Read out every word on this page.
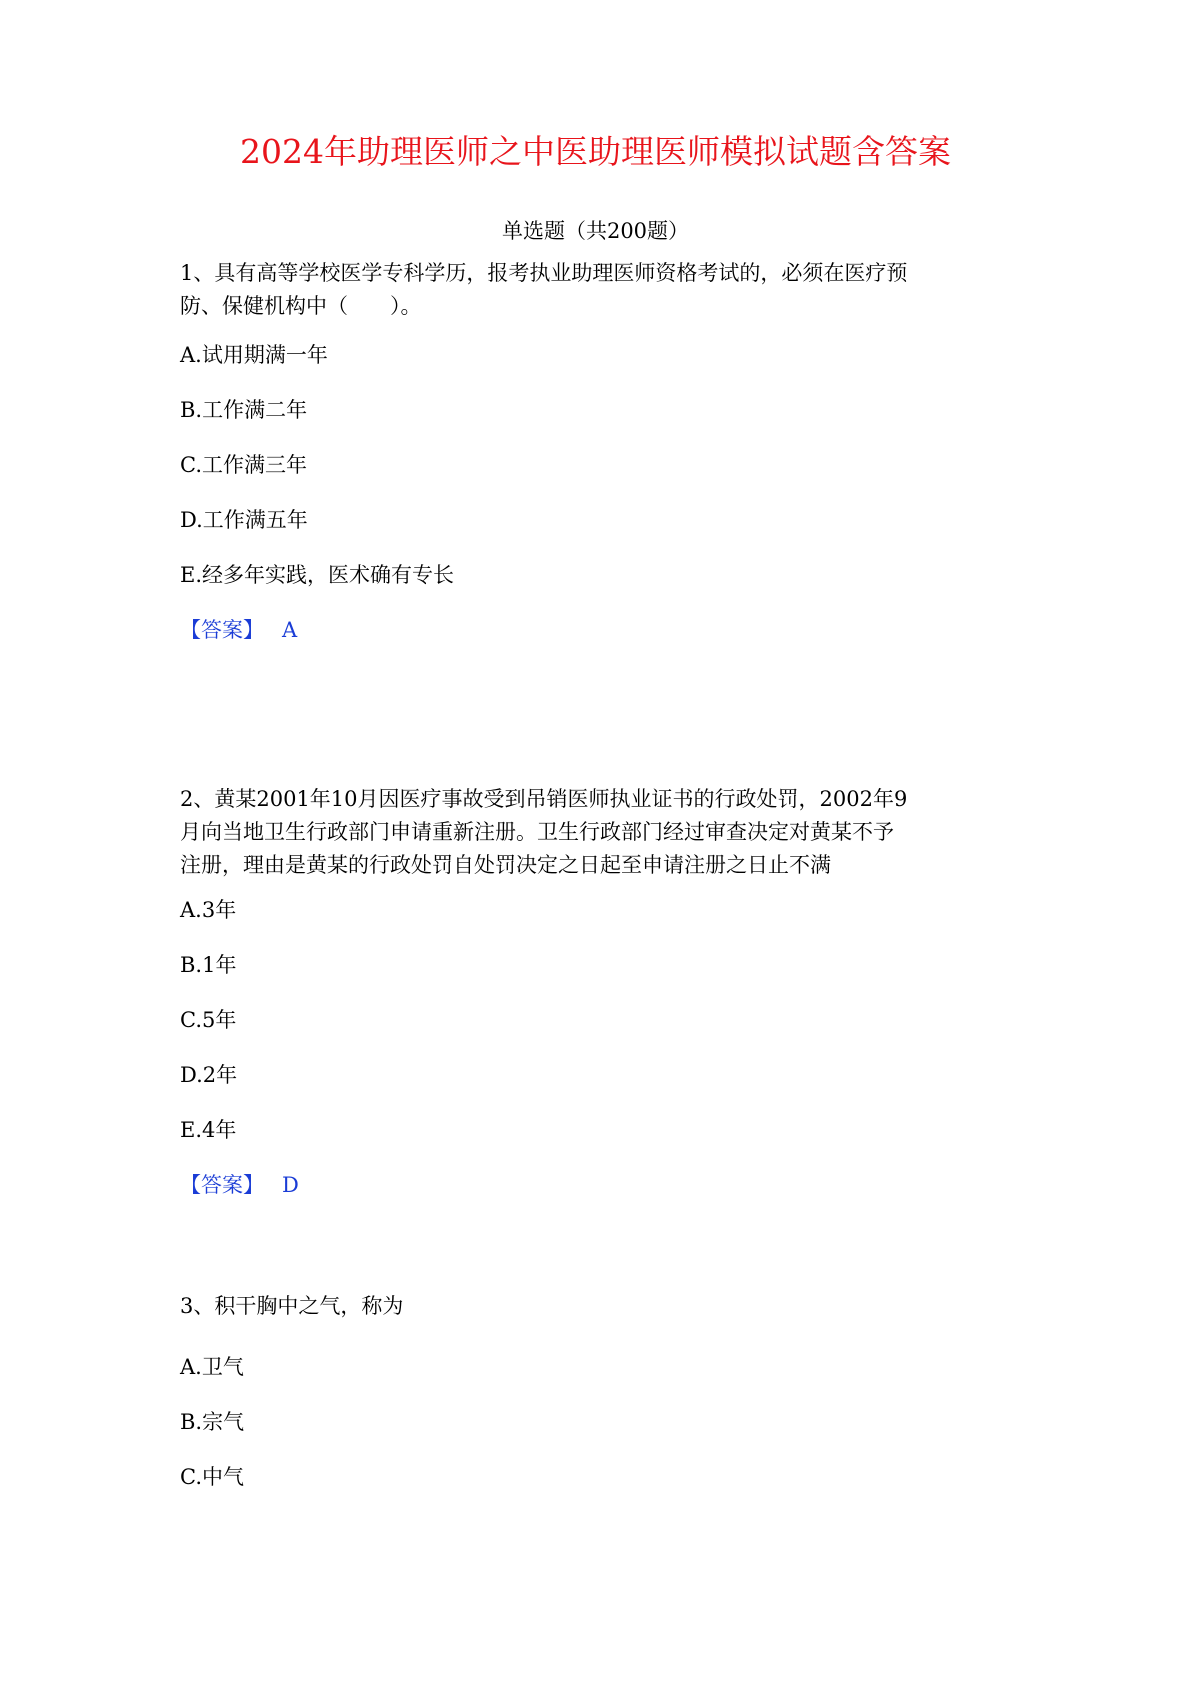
2024年助理医师之中医助理医师模拟试题含答案
单选题（共200题）

1、具有高等学校医学专科学历，报考执业助理医师资格考试的，必须在医疗预
防、保健机构中（　　）。

A.试用期满一年
B.工作满二年
C.工作满三年
D.工作满五年
E.经多年实践，医术确有专长
【答案】 A

2、黄某2001年10月因医疗事故受到吊销医师执业证书的行政处罚，2002年9
月向当地卫生行政部门申请重新注册。卫生行政部门经过审查决定对黄某不予
注册，理由是黄某的行政处罚自处罚决定之日起至申请注册之日止不满

A.3年
B.1年
C.5年
D.2年
E.4年
【答案】 D

3、积干胸中之气，称为

A.卫气
B.宗气
C.中气
